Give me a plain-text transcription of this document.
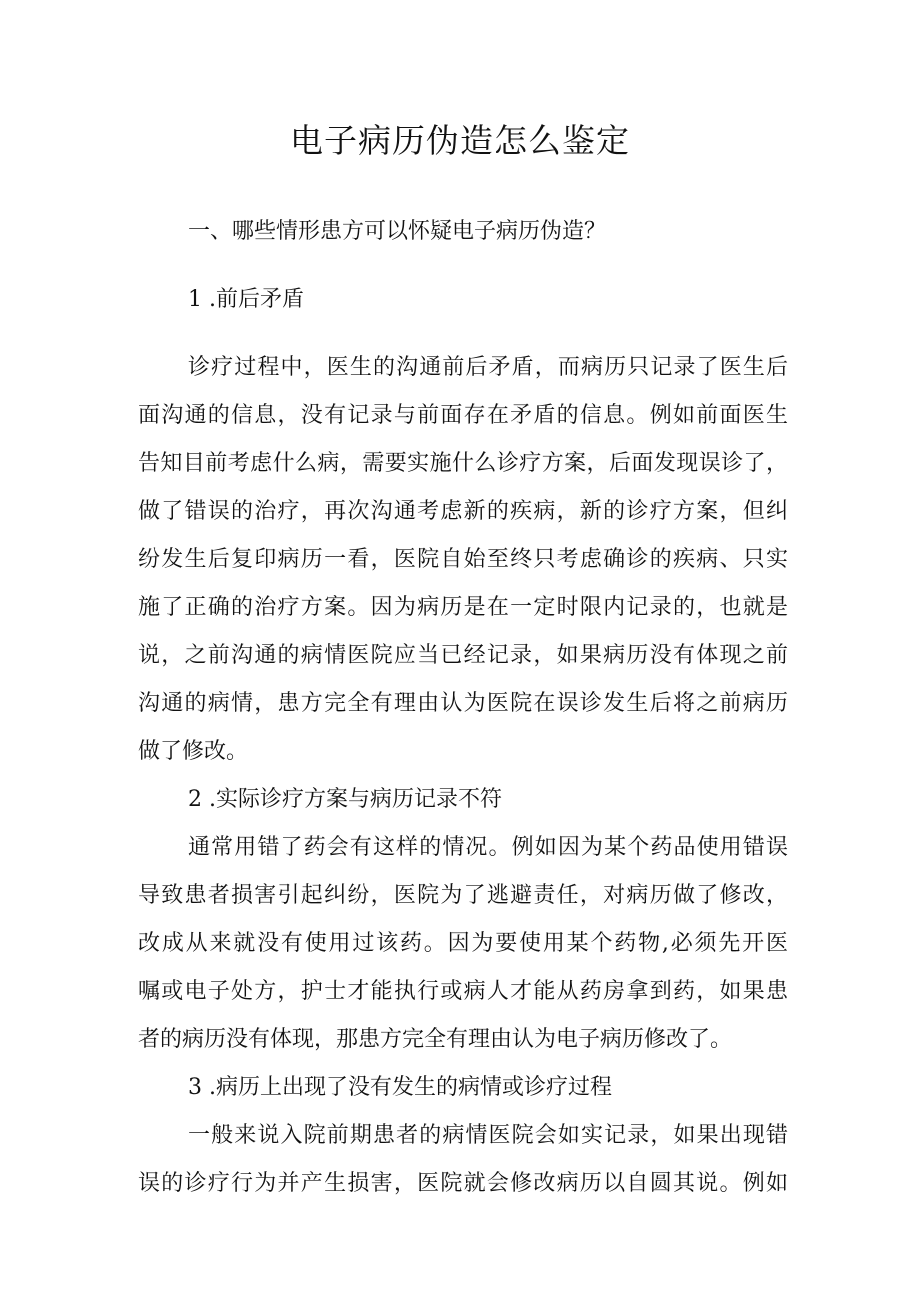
电子病历伪造怎么鉴定

一、哪些情形患方可以怀疑电子病历伪造？

1 .前后矛盾

诊疗过程中，医生的沟通前后矛盾，而病历只记录了医生后

面沟通的信息，没有记录与前面存在矛盾的信息。例如前面医生

告知目前考虑什么病，需要实施什么诊疗方案，后面发现误诊了，

做了错误的治疗，再次沟通考虑新的疾病，新的诊疗方案，但纠

纷发生后复印病历一看，医院自始至终只考虑确诊的疾病、只实

施了正确的治疗方案。因为病历是在一定时限内记录的，也就是

说，之前沟通的病情医院应当已经记录，如果病历没有体现之前

沟通的病情，患方完全有理由认为医院在误诊发生后将之前病历

做了修改。

2 .实际诊疗方案与病历记录不符

通常用错了药会有这样的情况。例如因为某个药品使用错误

导致患者损害引起纠纷，医院为了逃避责任，对病历做了修改，

改成从来就没有使用过该药。因为要使用某个药物,必须先开医

嘱或电子处方，护士才能执行或病人才能从药房拿到药，如果患

者的病历没有体现，那患方完全有理由认为电子病历修改了。

3 .病历上出现了没有发生的病情或诊疗过程

一般来说入院前期患者的病情医院会如实记录，如果出现错

误的诊疗行为并产生损害，医院就会修改病历以自圆其说。例如
